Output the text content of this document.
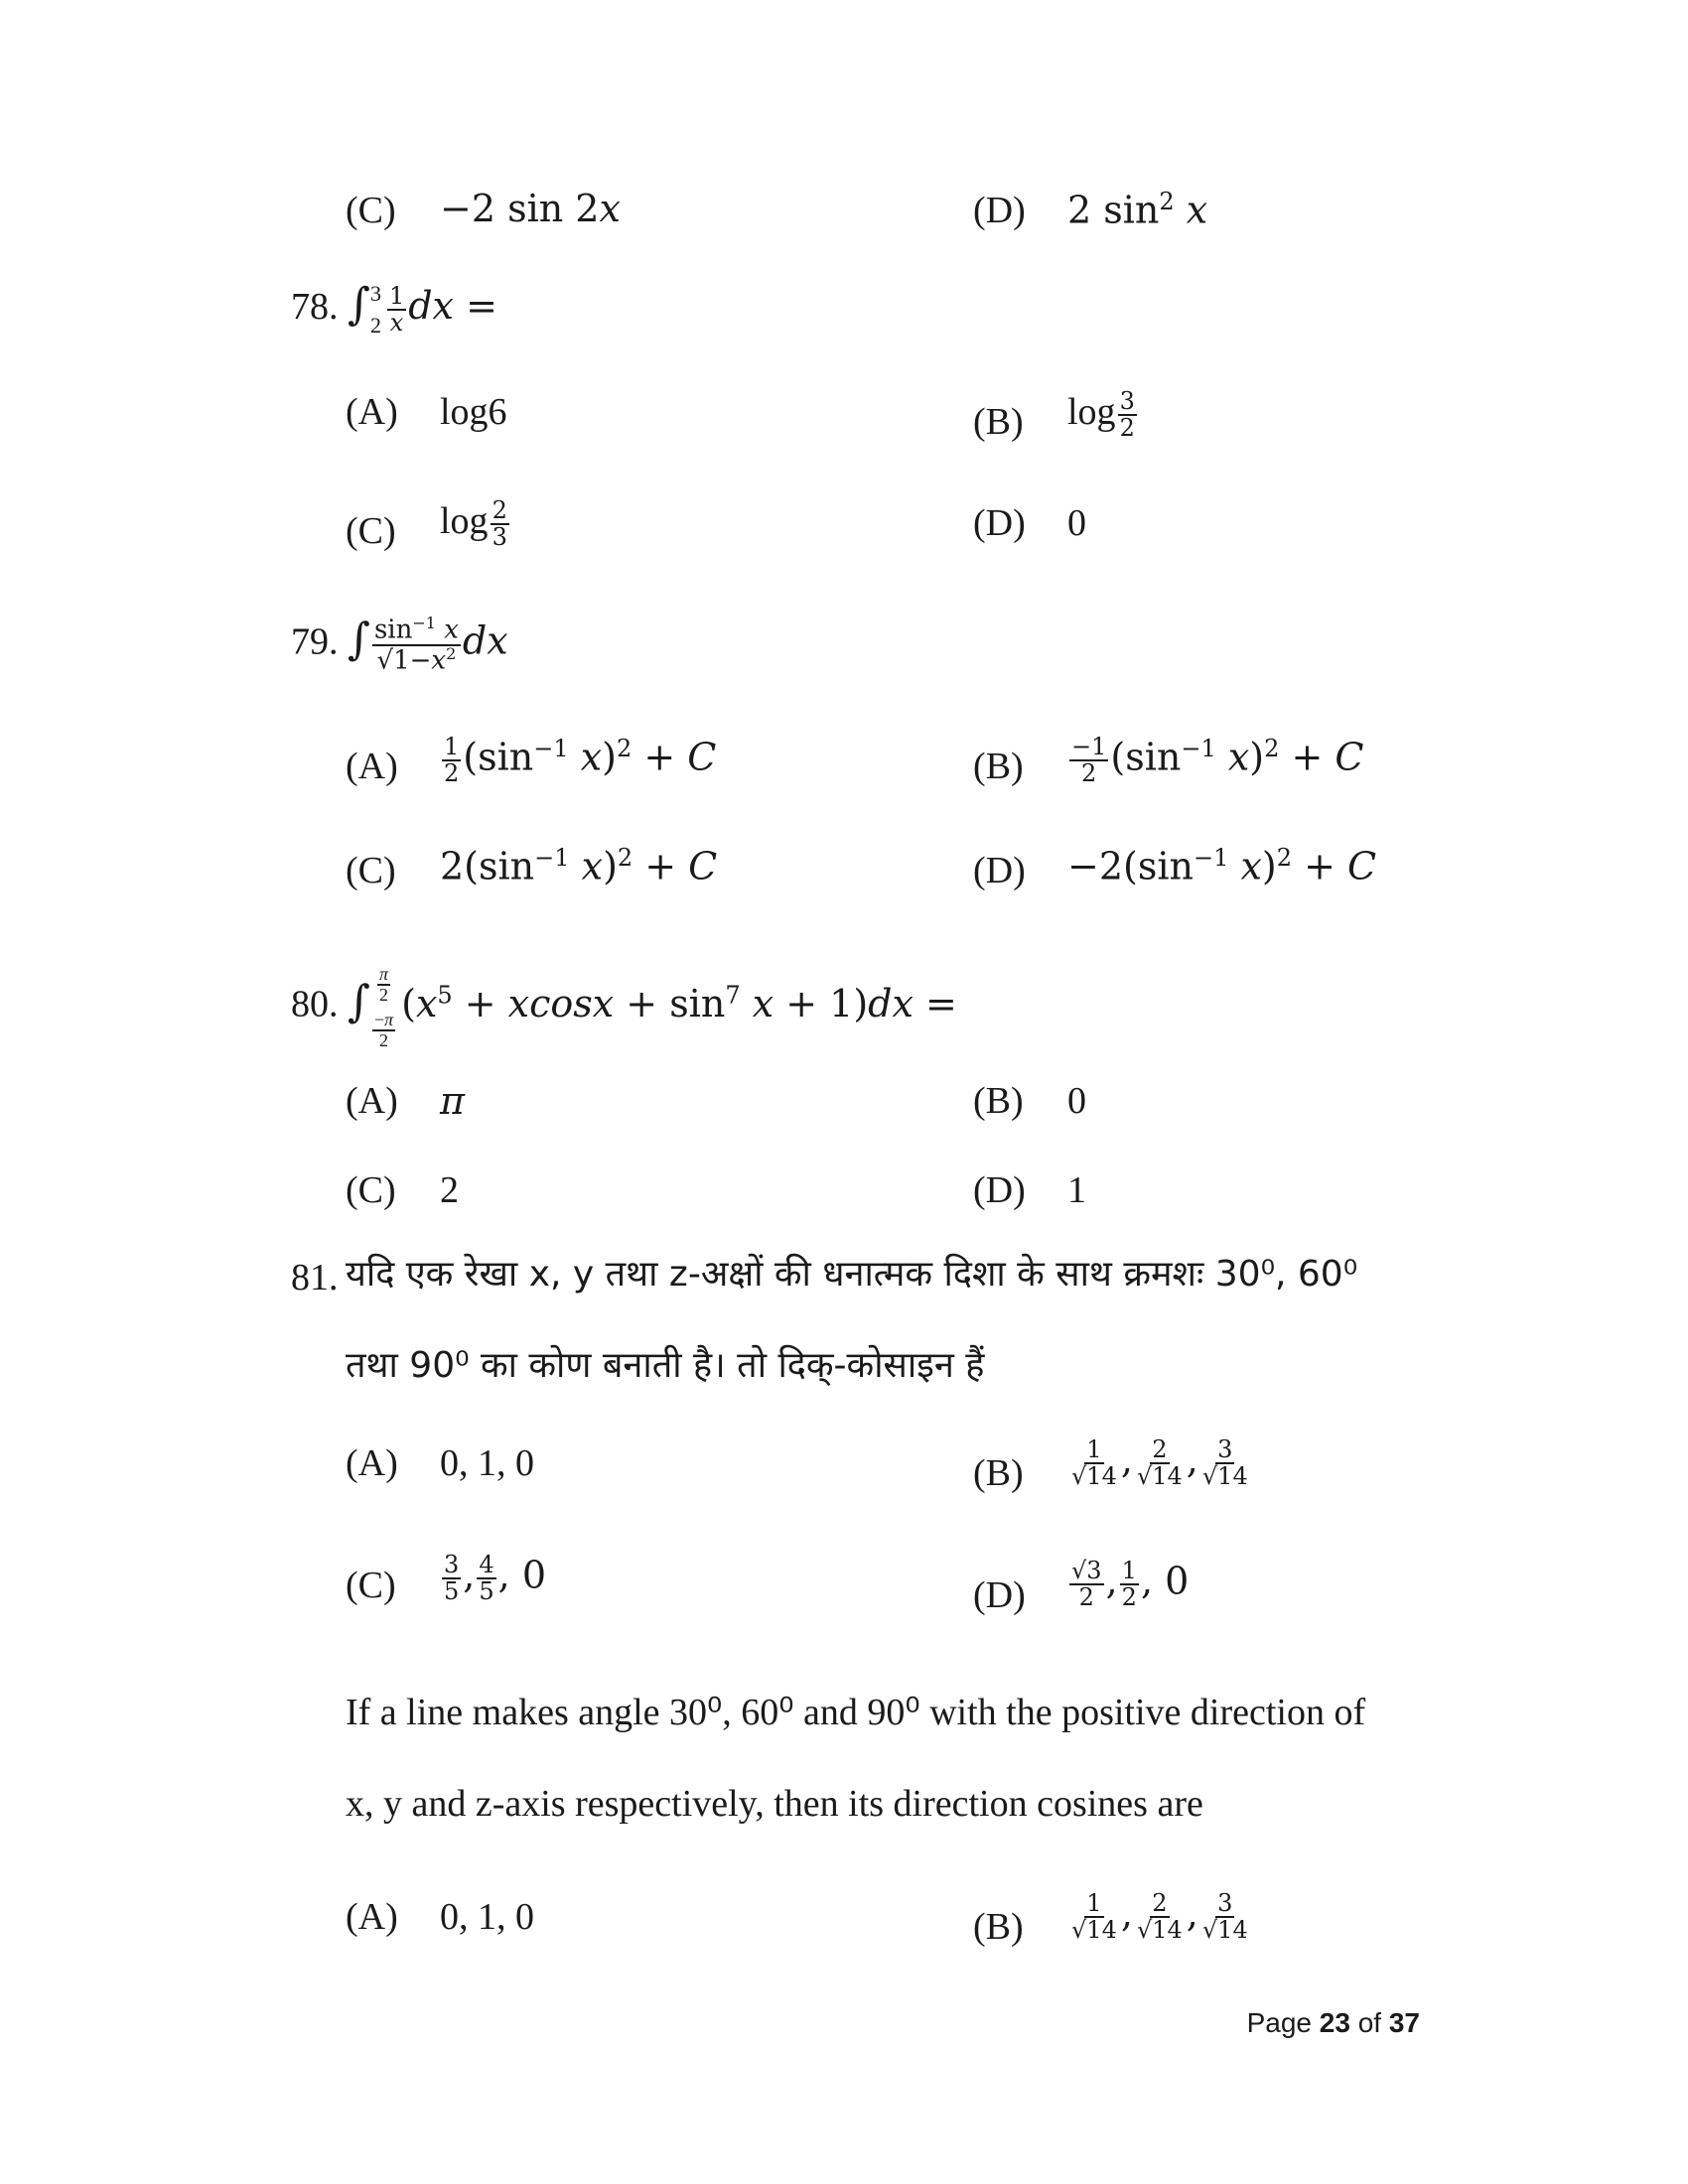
(C) −2 sin 2x	(D) 2 $\sin^2 x$
78. ∫ 3
$2 \frac{1}{x}$ dx =
(A) log6	(B) $\log \frac{3}{2}$
(C) $\log \frac{2}{3}$	(D) 0
79. ∫ $\frac{\sin^{-1} x}{√1-x^2}$ dx
$(A) \frac{1}{2} (\sin^{-1}$ x)$^2$ + C	$(B) \frac{-1}{2} (\sin^{-1}$ x)$^2$ + C
(C) $2(\sin^{-1}$ x)$^2$ + C	$(D) -2(\sin^{-1}$ x)$^2$ + C
80. ∫ $\frac{\pi}{2}$
$\frac{-\pi}{2}$
$(x^5 + xcosx + \sin^7 x + 1)dx$ =
(A) π	(B) 0
(C) 2	(D) 1
81. यदि एक रेखा x, y तथा z-अक्षों की धनात्मक दिशा के साथ क्रमशः 30⁰, 60⁰
तथा 90⁰ का कोण बनाती है। तो दिक्-कोसाइन हैं
(A) 0, 1, 0	$(B) \frac{1}{√14}$ , $\frac{2}{√14}$ , $\frac{3}{√14}$
$(C) \frac{3}{5}$ , $\frac{4}{5}$ , 0	$(D) \frac{√3}{2}$ , $\frac{1}{2}$ , 0
If a line makes angle 30⁰, 60⁰ and 90⁰ with the positive direction of
x, y and z-axis respectively, then its direction cosines are
(A) 0, 1, 0	$(B) \frac{1}{√14}$ , $\frac{2}{√14}$ , $\frac{3}{√14}$
Page 23 of 37
